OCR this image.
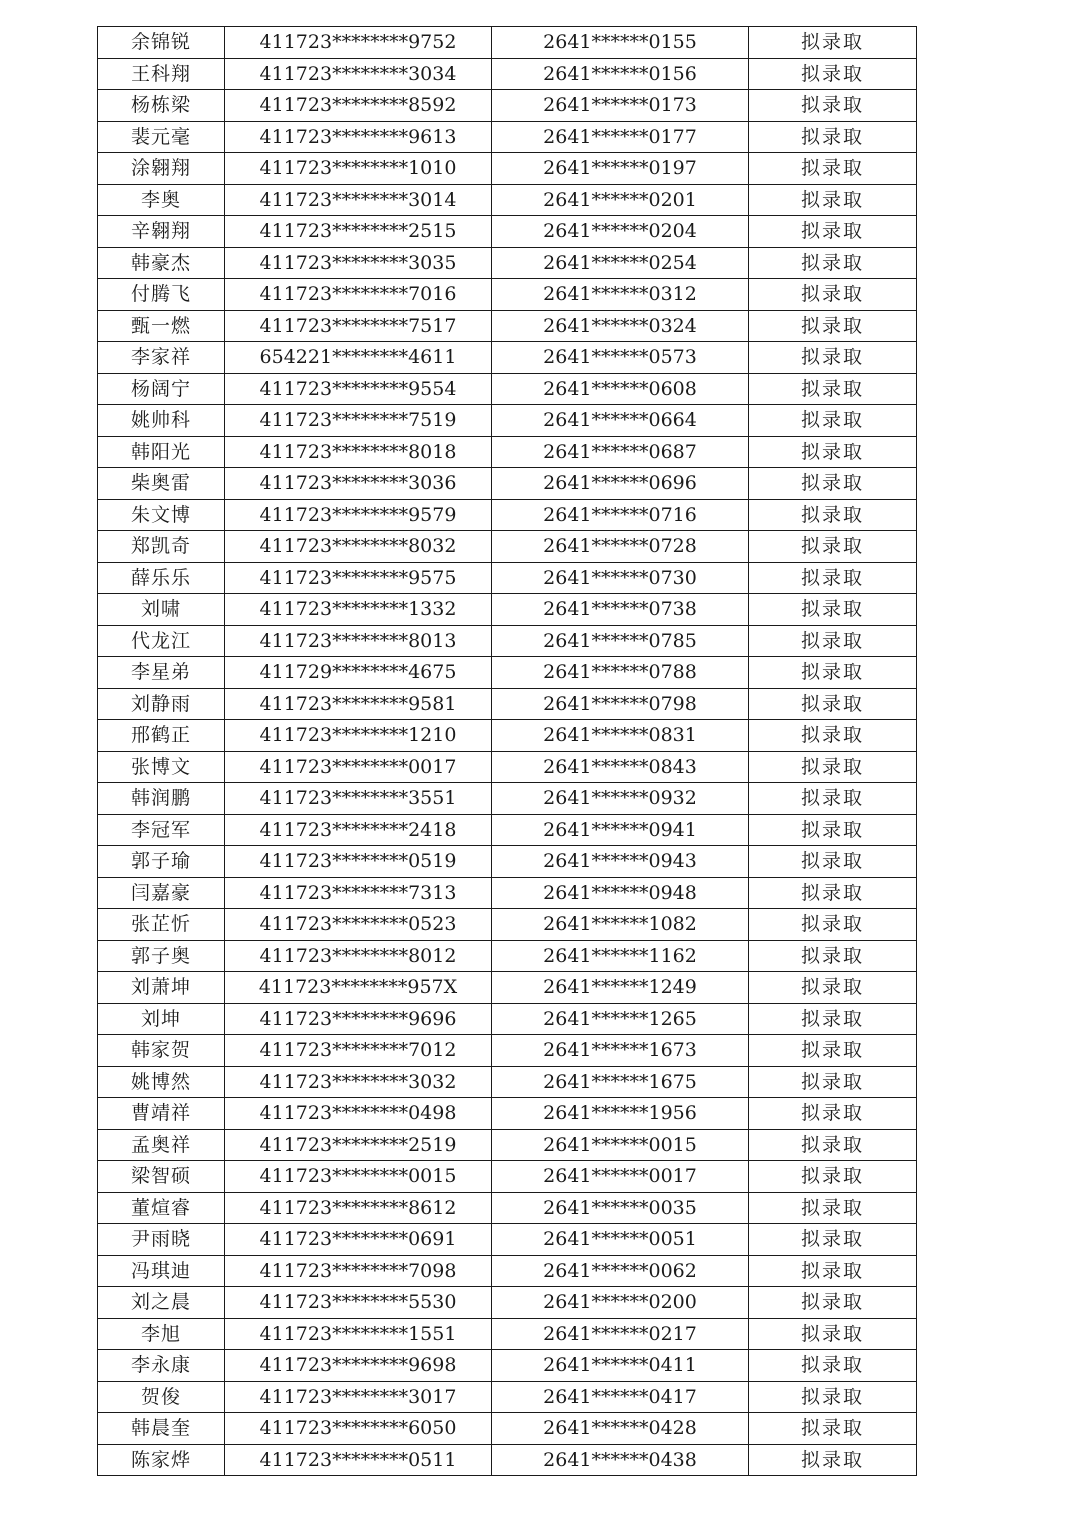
余锦锐	411723********9752	2641******0155	拟录取
王科翔	411723********3034	2641******0156	拟录取
杨栋梁	411723********8592	2641******0173	拟录取
裴元毫	411723********9613	2641******0177	拟录取
涂翱翔	411723********1010	2641******0197	拟录取
李奥	411723********3014	2641******0201	拟录取
辛翱翔	411723********2515	2641******0204	拟录取
韩豪杰	411723********3035	2641******0254	拟录取
付腾飞	411723********7016	2641******0312	拟录取
甄一燃	411723********7517	2641******0324	拟录取
李家祥	654221********4611	2641******0573	拟录取
杨阔宁	411723********9554	2641******0608	拟录取
姚帅科	411723********7519	2641******0664	拟录取
韩阳光	411723********8018	2641******0687	拟录取
柴奥雷	411723********3036	2641******0696	拟录取
朱文博	411723********9579	2641******0716	拟录取
郑凯奇	411723********8032	2641******0728	拟录取
薛乐乐	411723********9575	2641******0730	拟录取
刘啸	411723********1332	2641******0738	拟录取
代龙江	411723********8013	2641******0785	拟录取
李星弟	411729********4675	2641******0788	拟录取
刘静雨	411723********9581	2641******0798	拟录取
邢鹤正	411723********1210	2641******0831	拟录取
张博文	411723********0017	2641******0843	拟录取
韩润鹏	411723********3551	2641******0932	拟录取
李冠军	411723********2418	2641******0941	拟录取
郭子瑜	411723********0519	2641******0943	拟录取
闫嘉豪	411723********7313	2641******0948	拟录取
张芷忻	411723********0523	2641******1082	拟录取
郭子奥	411723********8012	2641******1162	拟录取
刘萧坤	411723********957X	2641******1249	拟录取
刘坤	411723********9696	2641******1265	拟录取
韩家贺	411723********7012	2641******1673	拟录取
姚博然	411723********3032	2641******1675	拟录取
曹靖祥	411723********0498	2641******1956	拟录取
孟奥祥	411723********2519	2641******0015	拟录取
梁智硕	411723********0015	2641******0017	拟录取
董煊睿	411723********8612	2641******0035	拟录取
尹雨晓	411723********0691	2641******0051	拟录取
冯琪迪	411723********7098	2641******0062	拟录取
刘之晨	411723********5530	2641******0200	拟录取
李旭	411723********1551	2641******0217	拟录取
李永康	411723********9698	2641******0411	拟录取
贺俊	411723********3017	2641******0417	拟录取
韩晨奎	411723********6050	2641******0428	拟录取
陈家烨	411723********0511	2641******0438	拟录取
